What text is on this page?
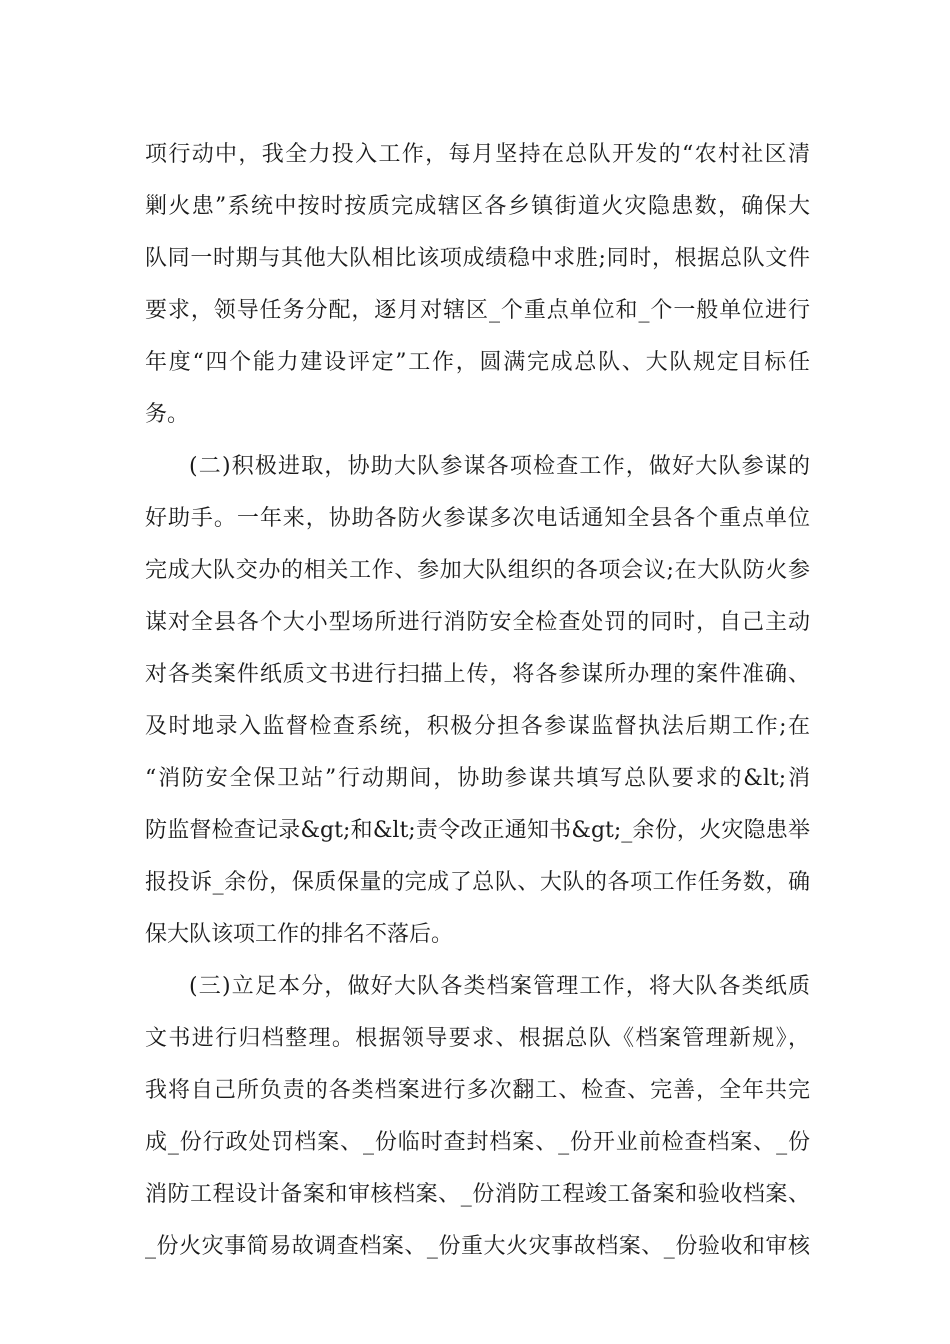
项行动中，我全力投入工作，每月坚持在总队开发的“农村社区清
剿火患”系统中按时按质完成辖区各乡镇街道火灾隐患数，确保大
队同一时期与其他大队相比该项成绩稳中求胜;同时，根据总队文件
要求，领导任务分配，逐月对辖区_个重点单位和_个一般单位进行
年度“四个能力建设评定”工作，圆满完成总队、大队规定目标任
务。
(二)积极进取，协助大队参谋各项检查工作，做好大队参谋的
好助手。一年来，协助各防火参谋多次电话通知全县各个重点单位
完成大队交办的相关工作、参加大队组织的各项会议;在大队防火参
谋对全县各个大小型场所进行消防安全检查处罚的同时，自己主动
对各类案件纸质文书进行扫描上传，将各参谋所办理的案件准确、
及时地录入监督检查系统，积极分担各参谋监督执法后期工作;在
“消防安全保卫站”行动期间，协助参谋共填写总队要求的&lt;消
防监督检查记录&gt;和&lt;责令改正通知书&gt;_余份，火灾隐患举
报投诉_余份，保质保量的完成了总队、大队的各项工作任务数，确
保大队该项工作的排名不落后。
(三)立足本分，做好大队各类档案管理工作，将大队各类纸质
文书进行归档整理。根据领导要求、根据总队《档案管理新规》，
我将自己所负责的各类档案进行多次翻工、检查、完善，全年共完
成_份行政处罚档案、_份临时查封档案、_份开业前检查档案、_份
消防工程设计备案和审核档案、_份消防工程竣工备案和验收档案、
_份火灾事简易故调查档案、_份重大火灾事故档案、_份验收和审核
